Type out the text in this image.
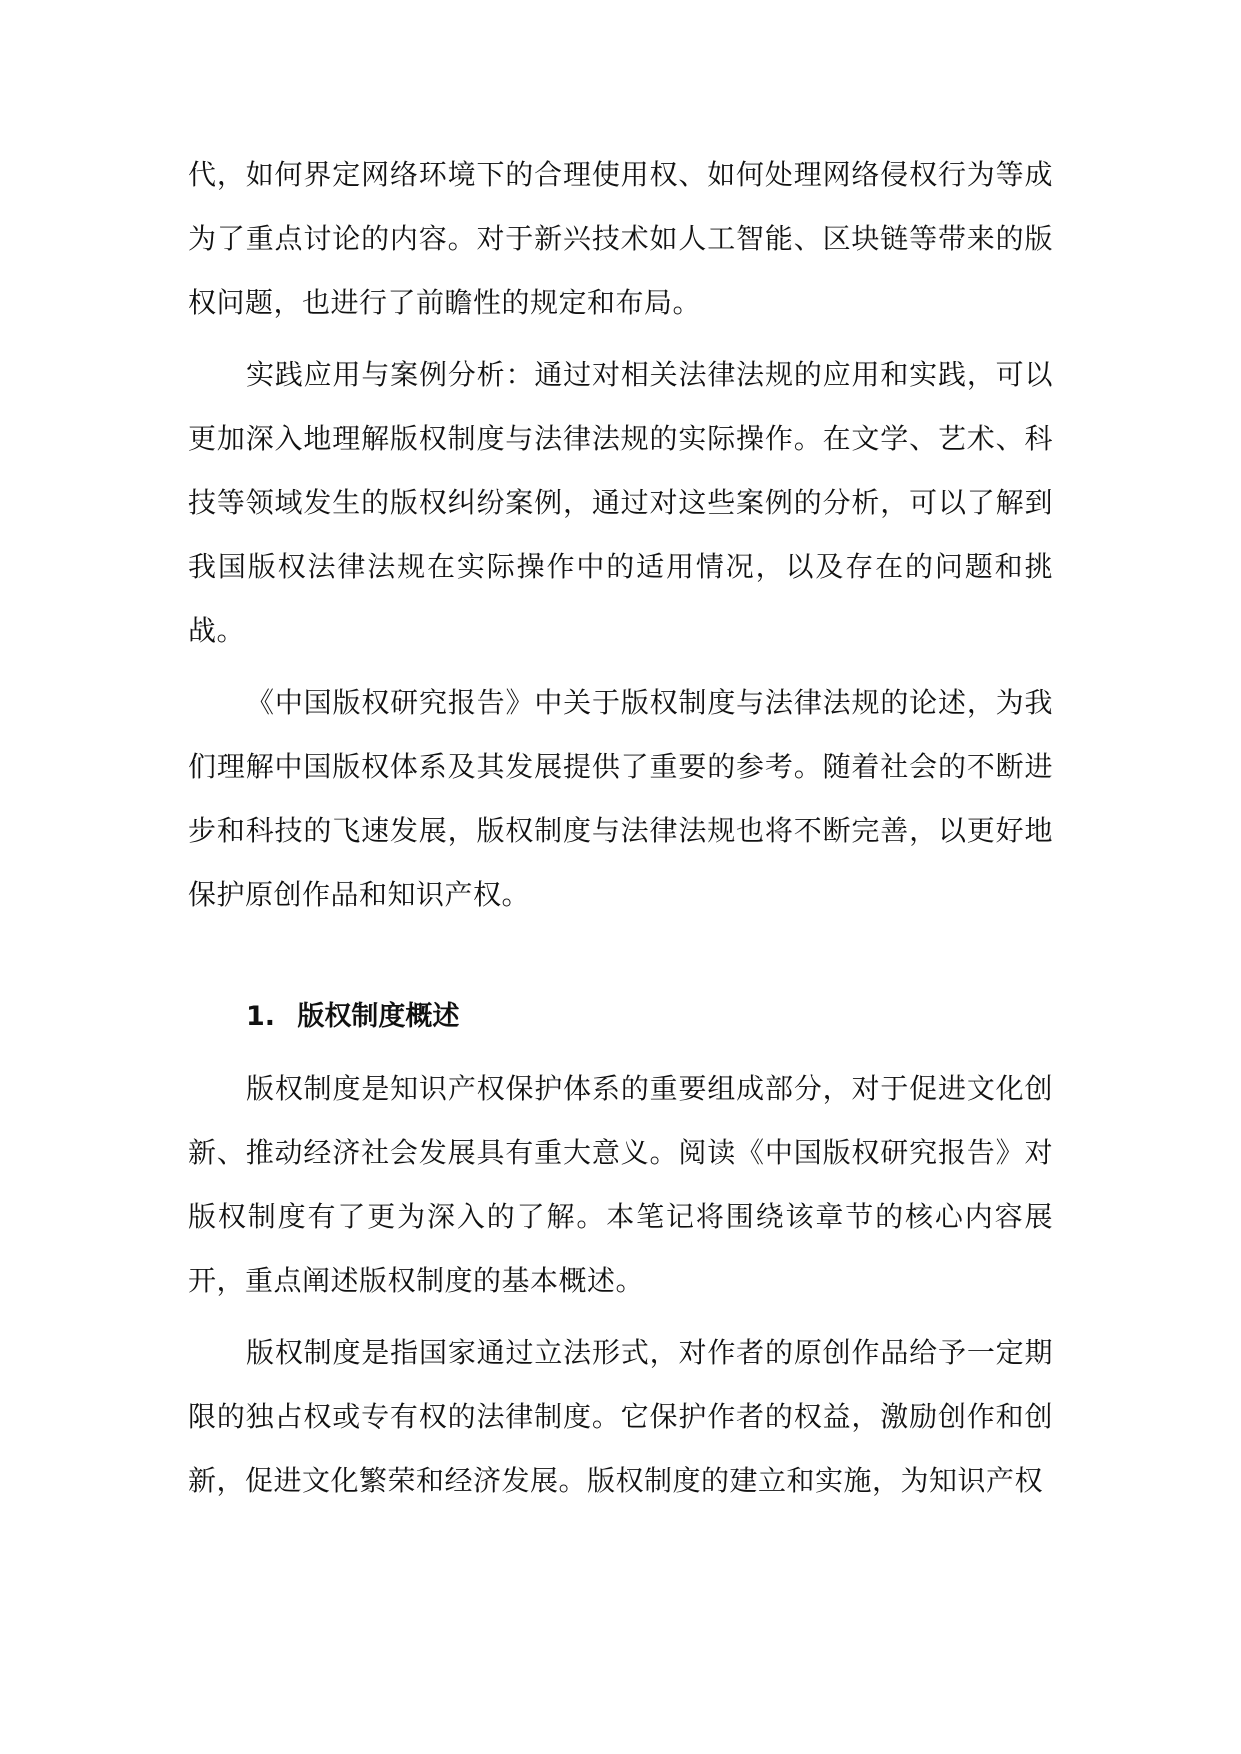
代，如何界定网络环境下的合理使用权、如何处理网络侵权行为等成为了重点讨论的内容。对于新兴技术如人工智能、区块链等带来的版权问题，也进行了前瞻性的规定和布局。

实践应用与案例分析：通过对相关法律法规的应用和实践，可以更加深入地理解版权制度与法律法规的实际操作。在文学、艺术、科技等领域发生的版权纠纷案例，通过对这些案例的分析，可以了解到我国版权法律法规在实际操作中的适用情况，以及存在的问题和挑战。

《中国版权研究报告》中关于版权制度与法律法规的论述，为我们理解中国版权体系及其发展提供了重要的参考。随着社会的不断进步和科技的飞速发展，版权制度与法律法规也将不断完善，以更好地保护原创作品和知识产权。

1. 版权制度概述

版权制度是知识产权保护体系的重要组成部分，对于促进文化创新、推动经济社会发展具有重大意义。阅读《中国版权研究报告》对版权制度有了更为深入的了解。本笔记将围绕该章节的核心内容展开，重点阐述版权制度的基本概述。

版权制度是指国家通过立法形式，对作者的原创作品给予一定期限的独占权或专有权的法律制度。它保护作者的权益，激励创作和创新，促进文化繁荣和经济发展。版权制度的建立和实施，为知识产权
